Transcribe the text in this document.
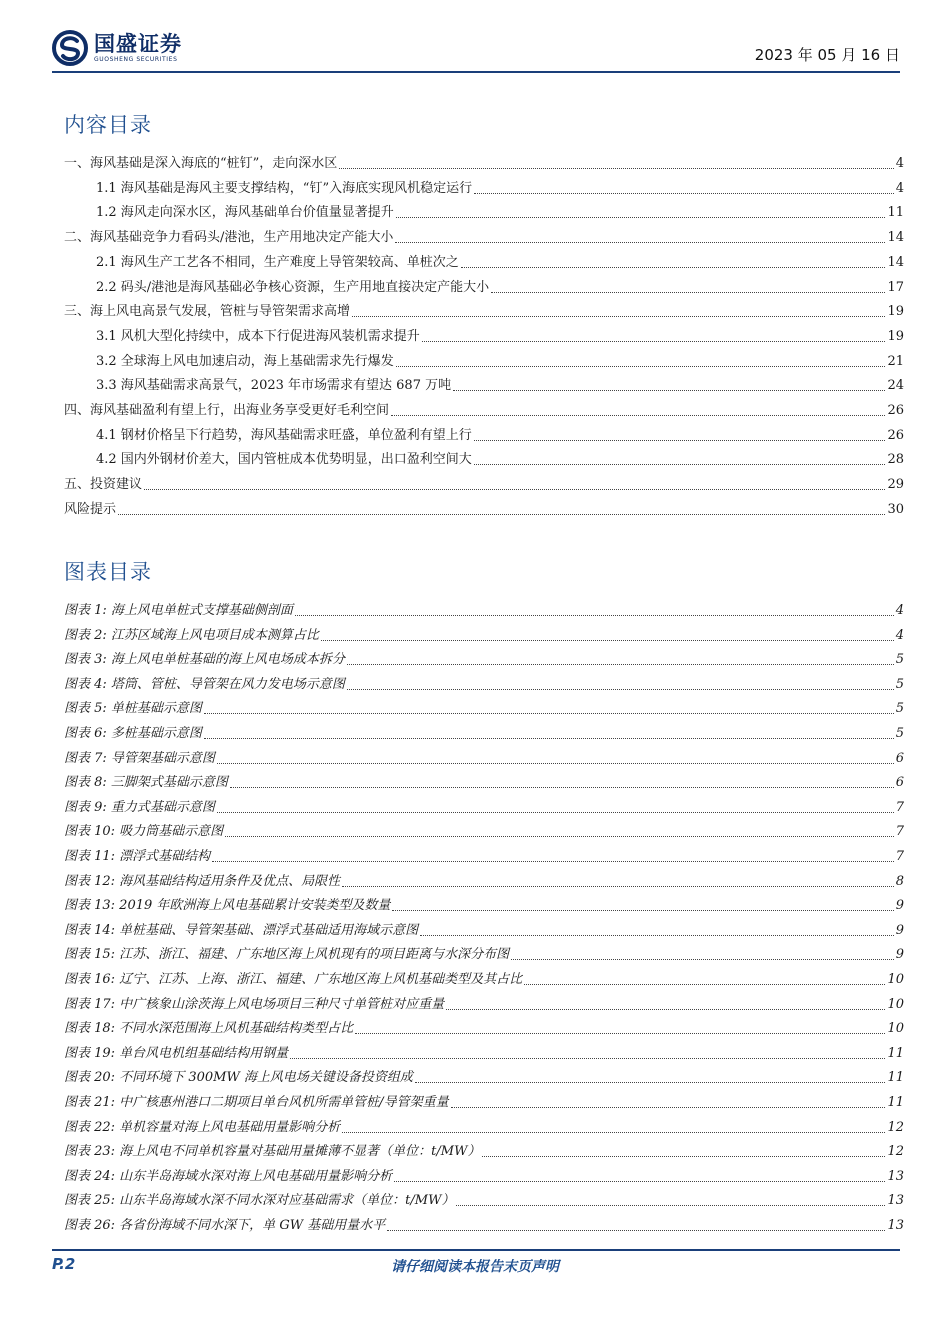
国盛证券
GUOSHENG SECURITIES	2023 年 05 月 16 日
内容目录
一、海风基础是深入海底的“桩钉”，走向深水区	4
1.1 海风基础是海风主要支撑结构，“钉”入海底实现风机稳定运行	4
1.2 海风走向深水区，海风基础单台价值量显著提升	11
二、海风基础竞争力看码头/港池，生产用地决定产能大小	14
2.1 海风生产工艺各不相同，生产难度上导管架较高、单桩次之	14
2.2 码头/港池是海风基础必争核心资源，生产用地直接决定产能大小	17
三、海上风电高景气发展，管桩与导管架需求高增	19
3.1 风机大型化持续中，成本下行促进海风装机需求提升	19
3.2 全球海上风电加速启动，海上基础需求先行爆发	21
3.3 海风基础需求高景气，2023 年市场需求有望达 687 万吨	24
四、海风基础盈利有望上行，出海业务享受更好毛利空间	26
4.1 钢材价格呈下行趋势，海风基础需求旺盛，单位盈利有望上行	26
4.2 国内外钢材价差大，国内管桩成本优势明显，出口盈利空间大	28
五、投资建议	29
风险提示	30
图表目录
图表 1: 海上风电单桩式支撑基础侧剖面	4
图表 2: 江苏区域海上风电项目成本测算占比	4
图表 3: 海上风电单桩基础的海上风电场成本拆分	5
图表 4: 塔筒、管桩、导管架在风力发电场示意图	5
图表 5: 单桩基础示意图	5
图表 6: 多桩基础示意图	5
图表 7: 导管架基础示意图	6
图表 8: 三脚架式基础示意图	6
图表 9: 重力式基础示意图	7
图表 10: 吸力筒基础示意图	7
图表 11: 漂浮式基础结构	7
图表 12: 海风基础结构适用条件及优点、局限性	8
图表 13: 2019 年欧洲海上风电基础累计安装类型及数量	9
图表 14: 单桩基础、导管架基础、漂浮式基础适用海域示意图	9
图表 15: 江苏、浙江、福建、广东地区海上风机现有的项目距离与水深分布图	9
图表 16: 辽宁、江苏、上海、浙江、福建、广东地区海上风机基础类型及其占比	10
图表 17: 中广核象山涂茨海上风电场项目三种尺寸单管桩对应重量	10
图表 18: 不同水深范围海上风机基础结构类型占比	10
图表 19: 单台风电机组基础结构用钢量	11
图表 20: 不同环境下 300MW 海上风电场关键设备投资组成	11
图表 21: 中广核惠州港口二期项目单台风机所需单管桩/导管架重量	11
图表 22: 单机容量对海上风电基础用量影响分析	12
图表 23: 海上风电不同单机容量对基础用量摊薄不显著（单位：t/MW）	12
图表 24: 山东半岛海域水深对海上风电基础用量影响分析	13
图表 25: 山东半岛海域水深不同水深对应基础需求（单位：t/MW）	13
图表 26: 各省份海域不同水深下，单 GW 基础用量水平	13
P.2	请仔细阅读本报告末页声明
